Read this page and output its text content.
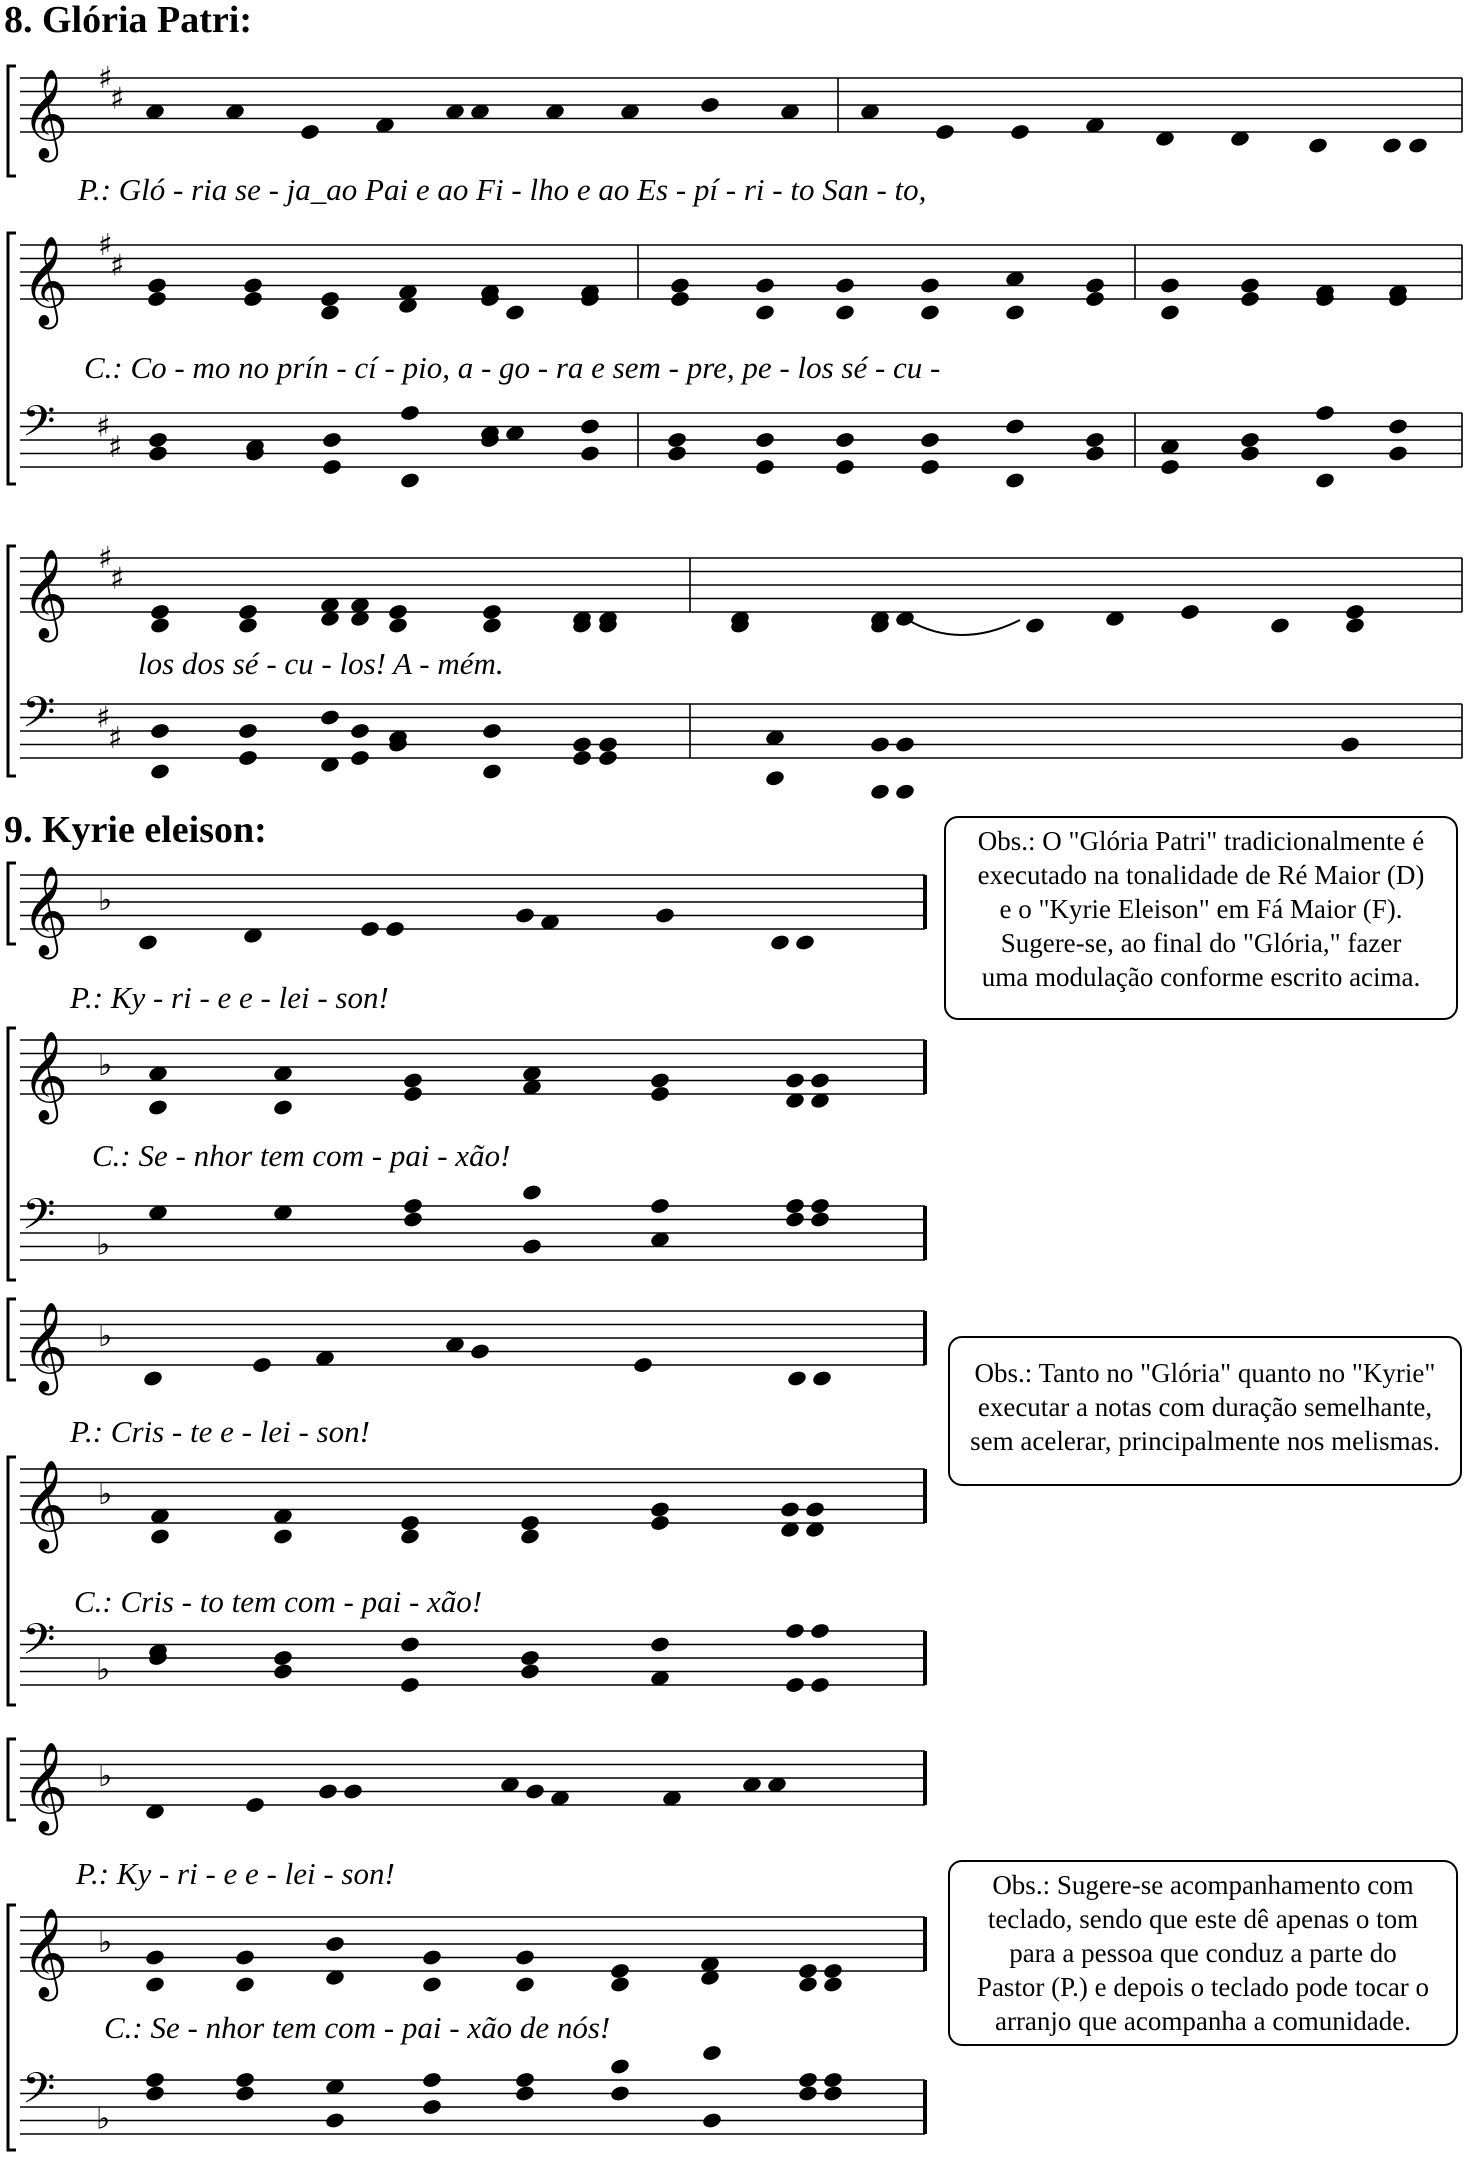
𝄞 ♯
♯
𝄞 ♯
♯
𝄢 ♯
♯
𝄞 ♯
♯
𝄢 ♯
♯
𝄞 ♭
𝄞 ♭
𝄢 ♭
𝄞 ♭
𝄞 ♭
𝄢 ♭
𝄞 ♭
𝄞 ♭
𝄢 ♭
8. Glória Patri:
9. Kyrie eleison:
P.: Gló - ria se - ja_ao Pai e ao Fi - lho e ao Es - pí - ri - to San - to,
C.: Co - mo no prín - cí - pio, a - go - ra e sem - pre, pe - los sé - cu -
los dos sé - cu - los! A - mém.
P.: Ky - ri - e e - lei - son!
C.: Se - nhor tem com - pai - xão!
P.: Cris - te e - lei - son!
C.: Cris - to tem com - pai - xão!
P.: Ky - ri - e e - lei - son!
C.: Se - nhor tem com - pai - xão de nós!

Obs.: O "Glória Patri" tradicionalmente é

executado na tonalidade de Ré Maior (D)

e o "Kyrie Eleison" em Fá Maior (F).

Sugere-se, ao final do "Glória," fazer

uma modulação conforme escrito acima.

Obs.: Tanto no "Glória" quanto no "Kyrie"

executar a notas com duração semelhante,

sem acelerar, principalmente nos melismas.

Obs.: Sugere-se acompanhamento com

teclado, sendo que este dê apenas o tom

para a pessoa que conduz a parte do

Pastor (P.) e depois o teclado pode tocar o

arranjo que acompanha a comunidade.
